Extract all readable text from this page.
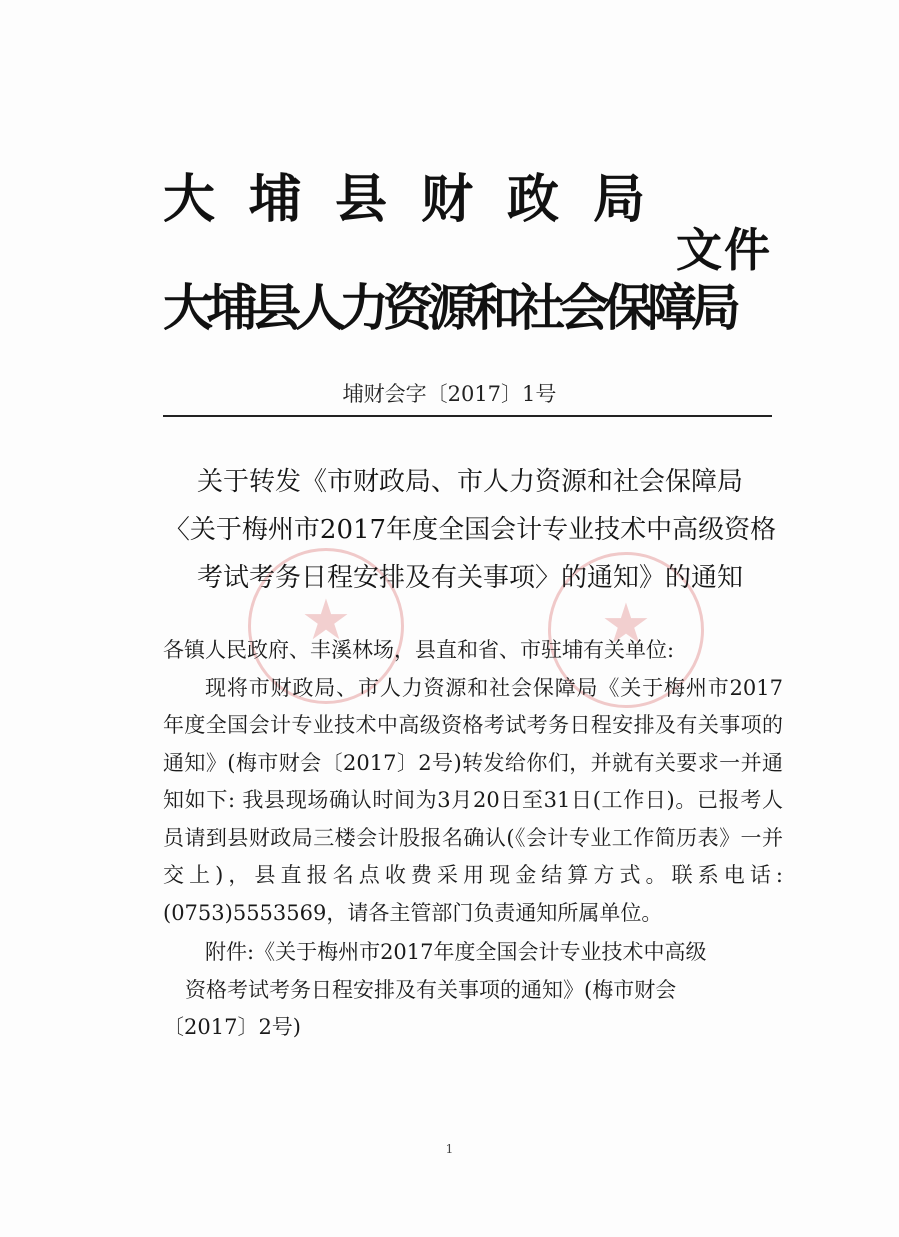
大埔县财政局
文件
大埔县人力资源和社会保障局
埔财会字〔2017〕1号
★	★
关于转发《市财政局、市人力资源和社会保障局
〈关于梅州市2017年度全国会计专业技术中高级资格
考试考务日程安排及有关事项〉的通知》的通知

各镇人民政府、丰溪林场，县直和省、市驻埔有关单位:

现将市财政局、市人力资源和社会保障局《关于梅州市2017年度全国会计专业技术中高级资格考试考务日程安排及有关事项的通知》(梅市财会〔2017〕2号)转发给你们，并就有关要求一并通知如下: 我县现场确认时间为3月20日至31日(工作日)。已报考人员请到县财政局三楼会计股报名确认(《会计专业工作简历表》一并交上)，县直报名点收费采用现金结算方式。联系电话:(0753)5553569，请各主管部门负责通知所属单位。

附件:《关于梅州市2017年度全国会计专业技术中高级

资格考试考务日程安排及有关事项的通知》(梅市财会

〔2017〕2号)

1
